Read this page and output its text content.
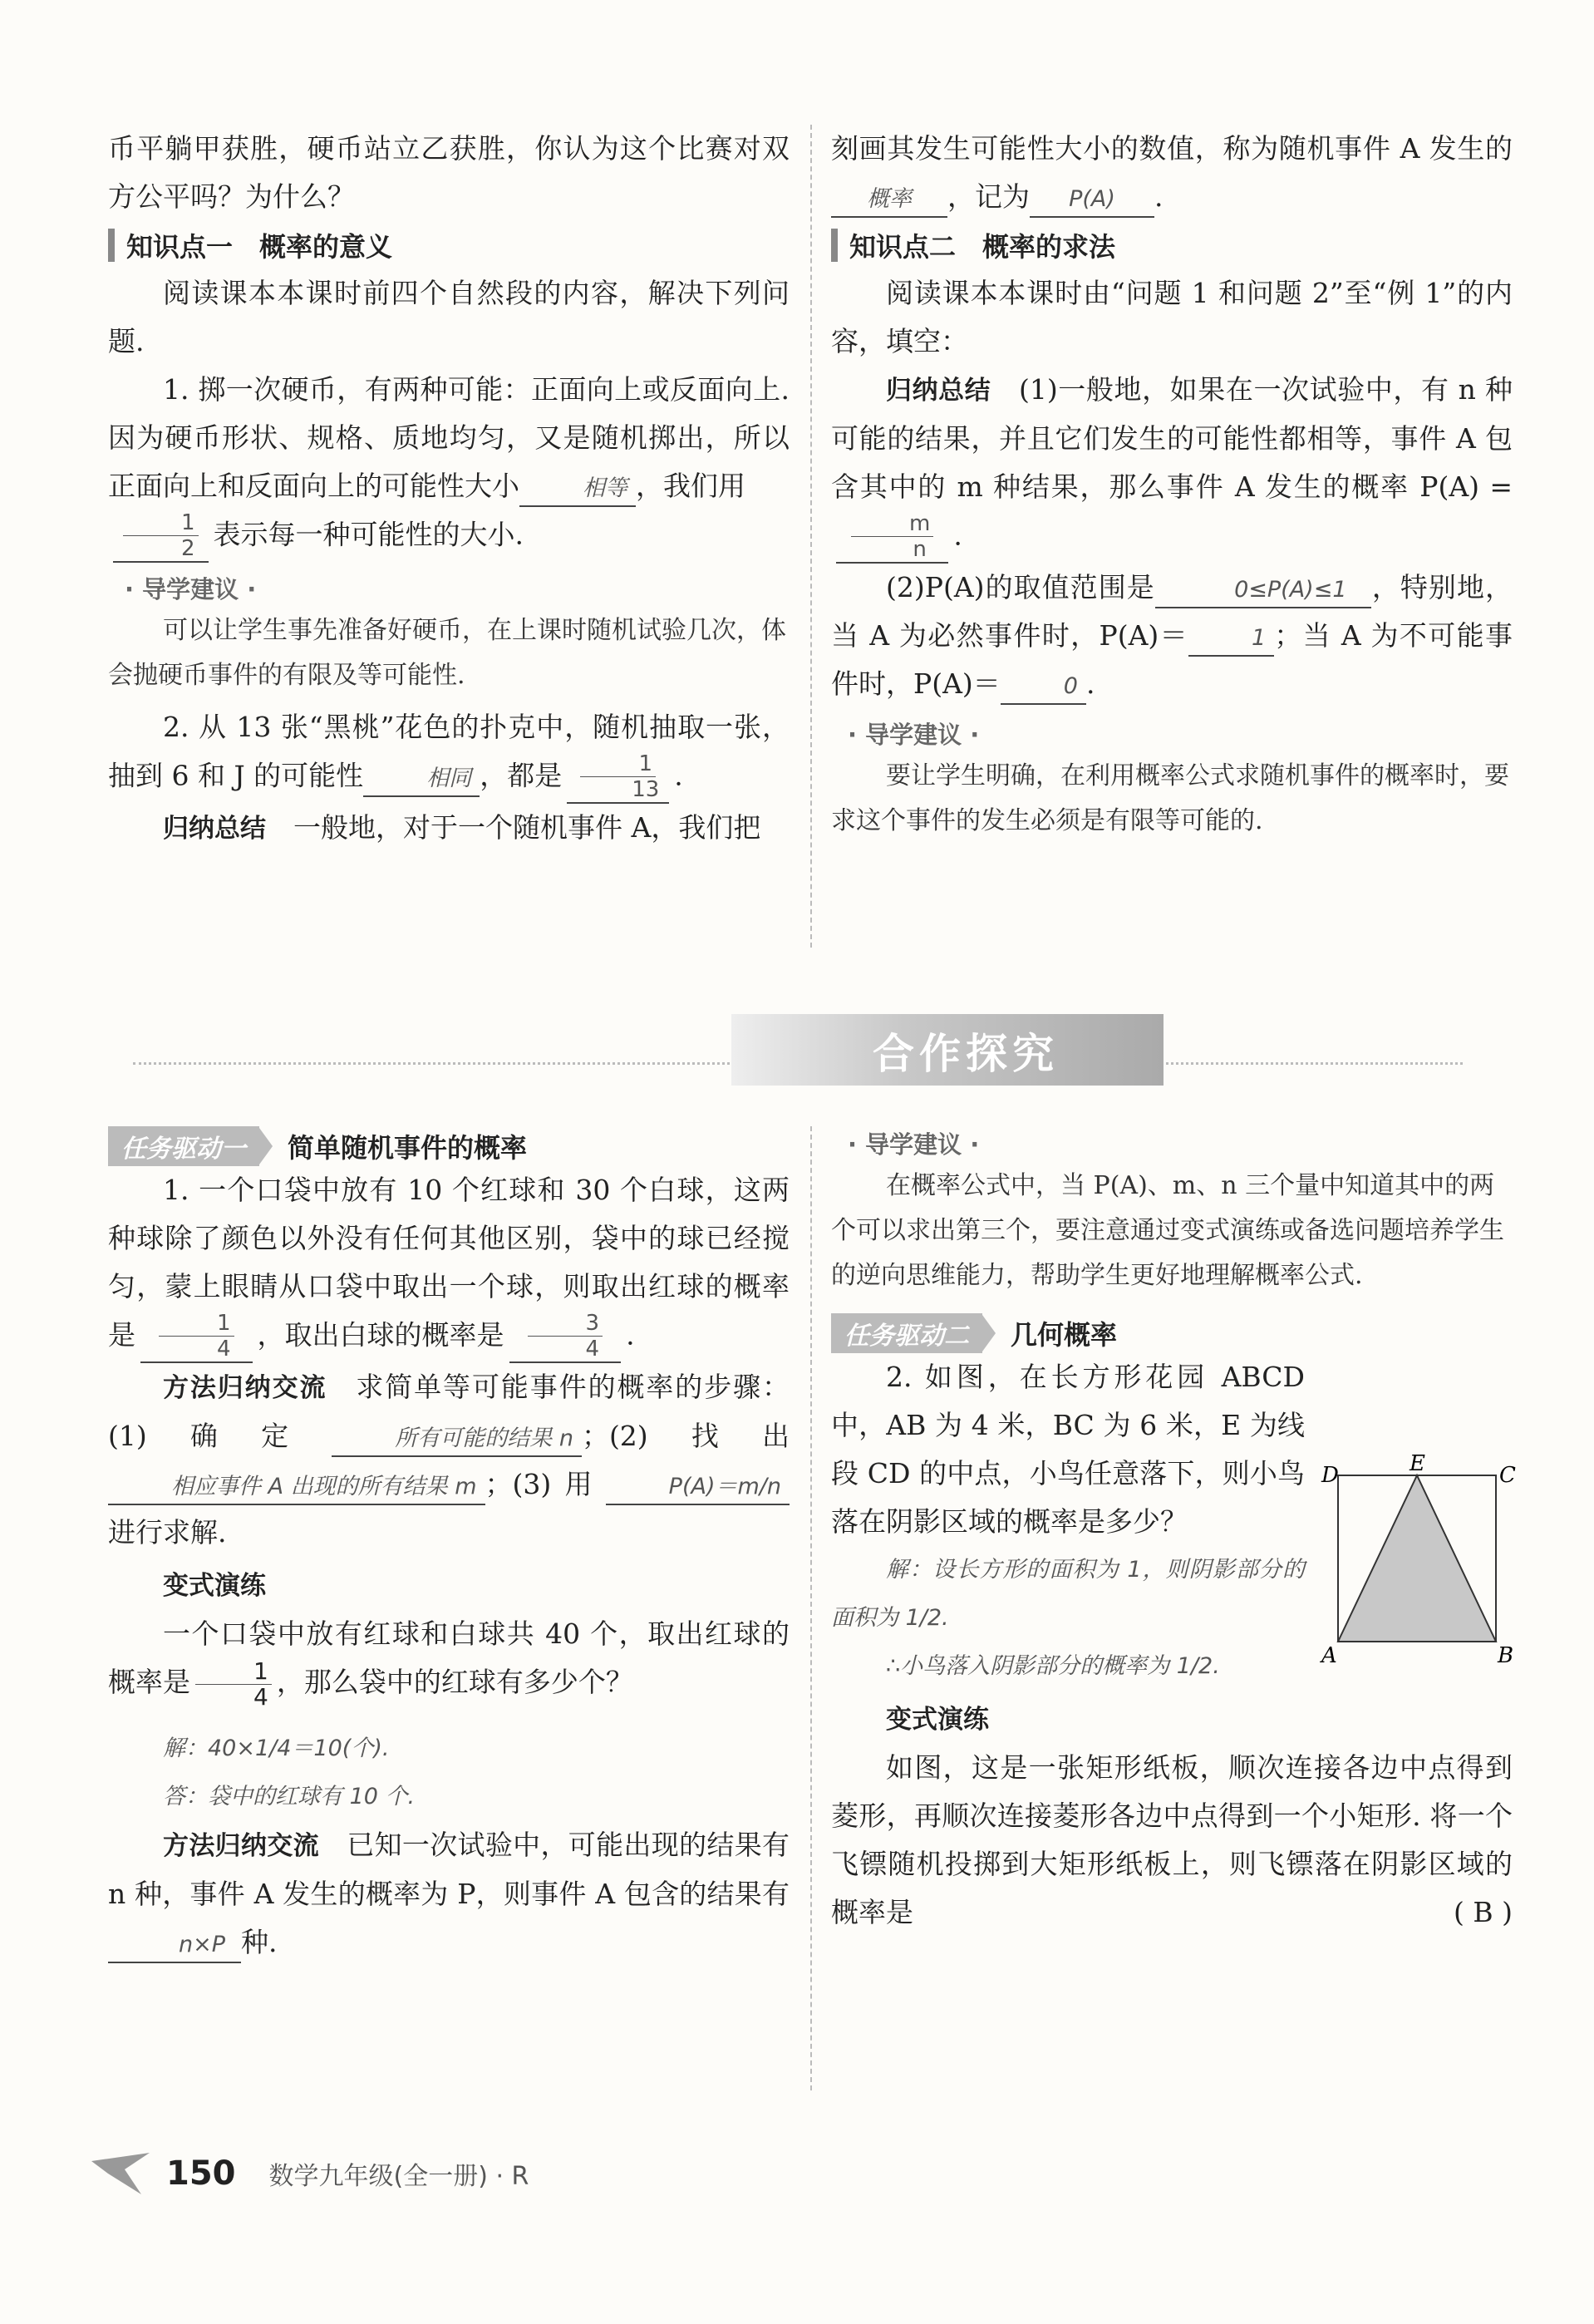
币平躺甲获胜，硬币站立乙获胜，你认为这个比赛对双方公平吗？为什么？

知识点一　概率的意义

阅读课本本课时前四个自然段的内容，解决下列问题.

1. 掷一次硬币，有两种可能：正面向上或反面向上. 因为硬币形状、规格、质地均匀，又是随机掷出，所以正面向上和反面向上的可能性大小	相等 ，我们用

$\frac{1}{2}$ 表示每一种可能性的大小.

· 导学建议 ·

可以让学生事先准备好硬币，在上课时随机试验几次，体会抛硬币事件的有限及等可能性.

2. 从 13 张“黑桃”花色的扑克中，随机抽取一张，抽到 6 和 J 的可能性	相同 ，都是 $\frac{1}{13}$ .

归纳总结　 一般地，对于一个随机事件 A，我们把

刻画其发生可能性大小的数值，称为随机事件 A 发生的概率 ，记为 P(A) .

知识点二　概率的求法

阅读课本本课时由“问题 1 和问题 2”至“例 1”的内容，填空：

归纳总结　 (1)一般地，如果在一次试验中，有 n 种可能的结果，并且它们发生的可能性都相等，事件 A 包含其中的 m 种结果，那么事件 A 发生的概率 P(A) =
$\frac{m}{n}$ .

(2)P(A)的取值范围是	0≤P(A)≤1 ，特别地，当 A 为必然事件时，P(A)＝	1 ；当 A 为不可能事件时，P(A)＝	0 .

· 导学建议 ·

要让学生明确，在利用概率公式求随机事件的概率时，要求这个事件的发生必须是有限等可能的.

合作探究
任务驱动一	简单随机事件的概率

1. 一个口袋中放有 10 个红球和 30 个白球，这两种球除了颜色以外没有任何其他区别，袋中的球已经搅匀，蒙上眼睛从口袋中取出一个球，则取出红球的概率是 $\frac{1}{4}$ ，取出白球的概率是 $\frac{3}{4}$ .

方法归纳交流　 求简单等可能事件的概率的步骤：(1)确定	所有可能的结果 n ；(2)找出相应事件 A 出现的所有结果 m ；(3)用	P(A)＝m/n进行求解.

变式演练

一个口袋中放有红球和白球共 40 个，取出红球的概率是 $\frac{1}{4}$ ，那么袋中的红球有多少个？

解：40×1/4＝10(个).

答：袋中的红球有 10 个.

方法归纳交流　 已知一次试验中，可能出现的结果有 n 种，事件 A 发生的概率为 P，则事件 A 包含的结果有n×P 种.

· 导学建议 ·

在概率公式中，当 P(A)、m、n 三个量中知道其中的两个可以求出第三个，要注意通过变式演练或备选问题培养学生的逆向思维能力，帮助学生更好地理解概率公式.

任务驱动二	几何概率

2. 如图，在长方形花园 ABCD 中，AB 为 4 米，BC 为 6 米，E 为线段 CD 的中点，小鸟任意落下，则小鸟落在阴影区域的概率是多少？

解：设长方形的面积为 1，则阴影部分的面积为 1/2.

∴小鸟落入阴影部分的概率为 1/2.

变式演练

如图，这是一张矩形纸板，顺次连接各边中点得到菱形，再顺次连接菱形各边中点得到一个小矩形. 将一个飞镖随机投掷到大矩形纸板上，则飞镖落在阴影区域的概率是	( B )

D	E	C
A	B
150 数学九年级(全一册) · R
